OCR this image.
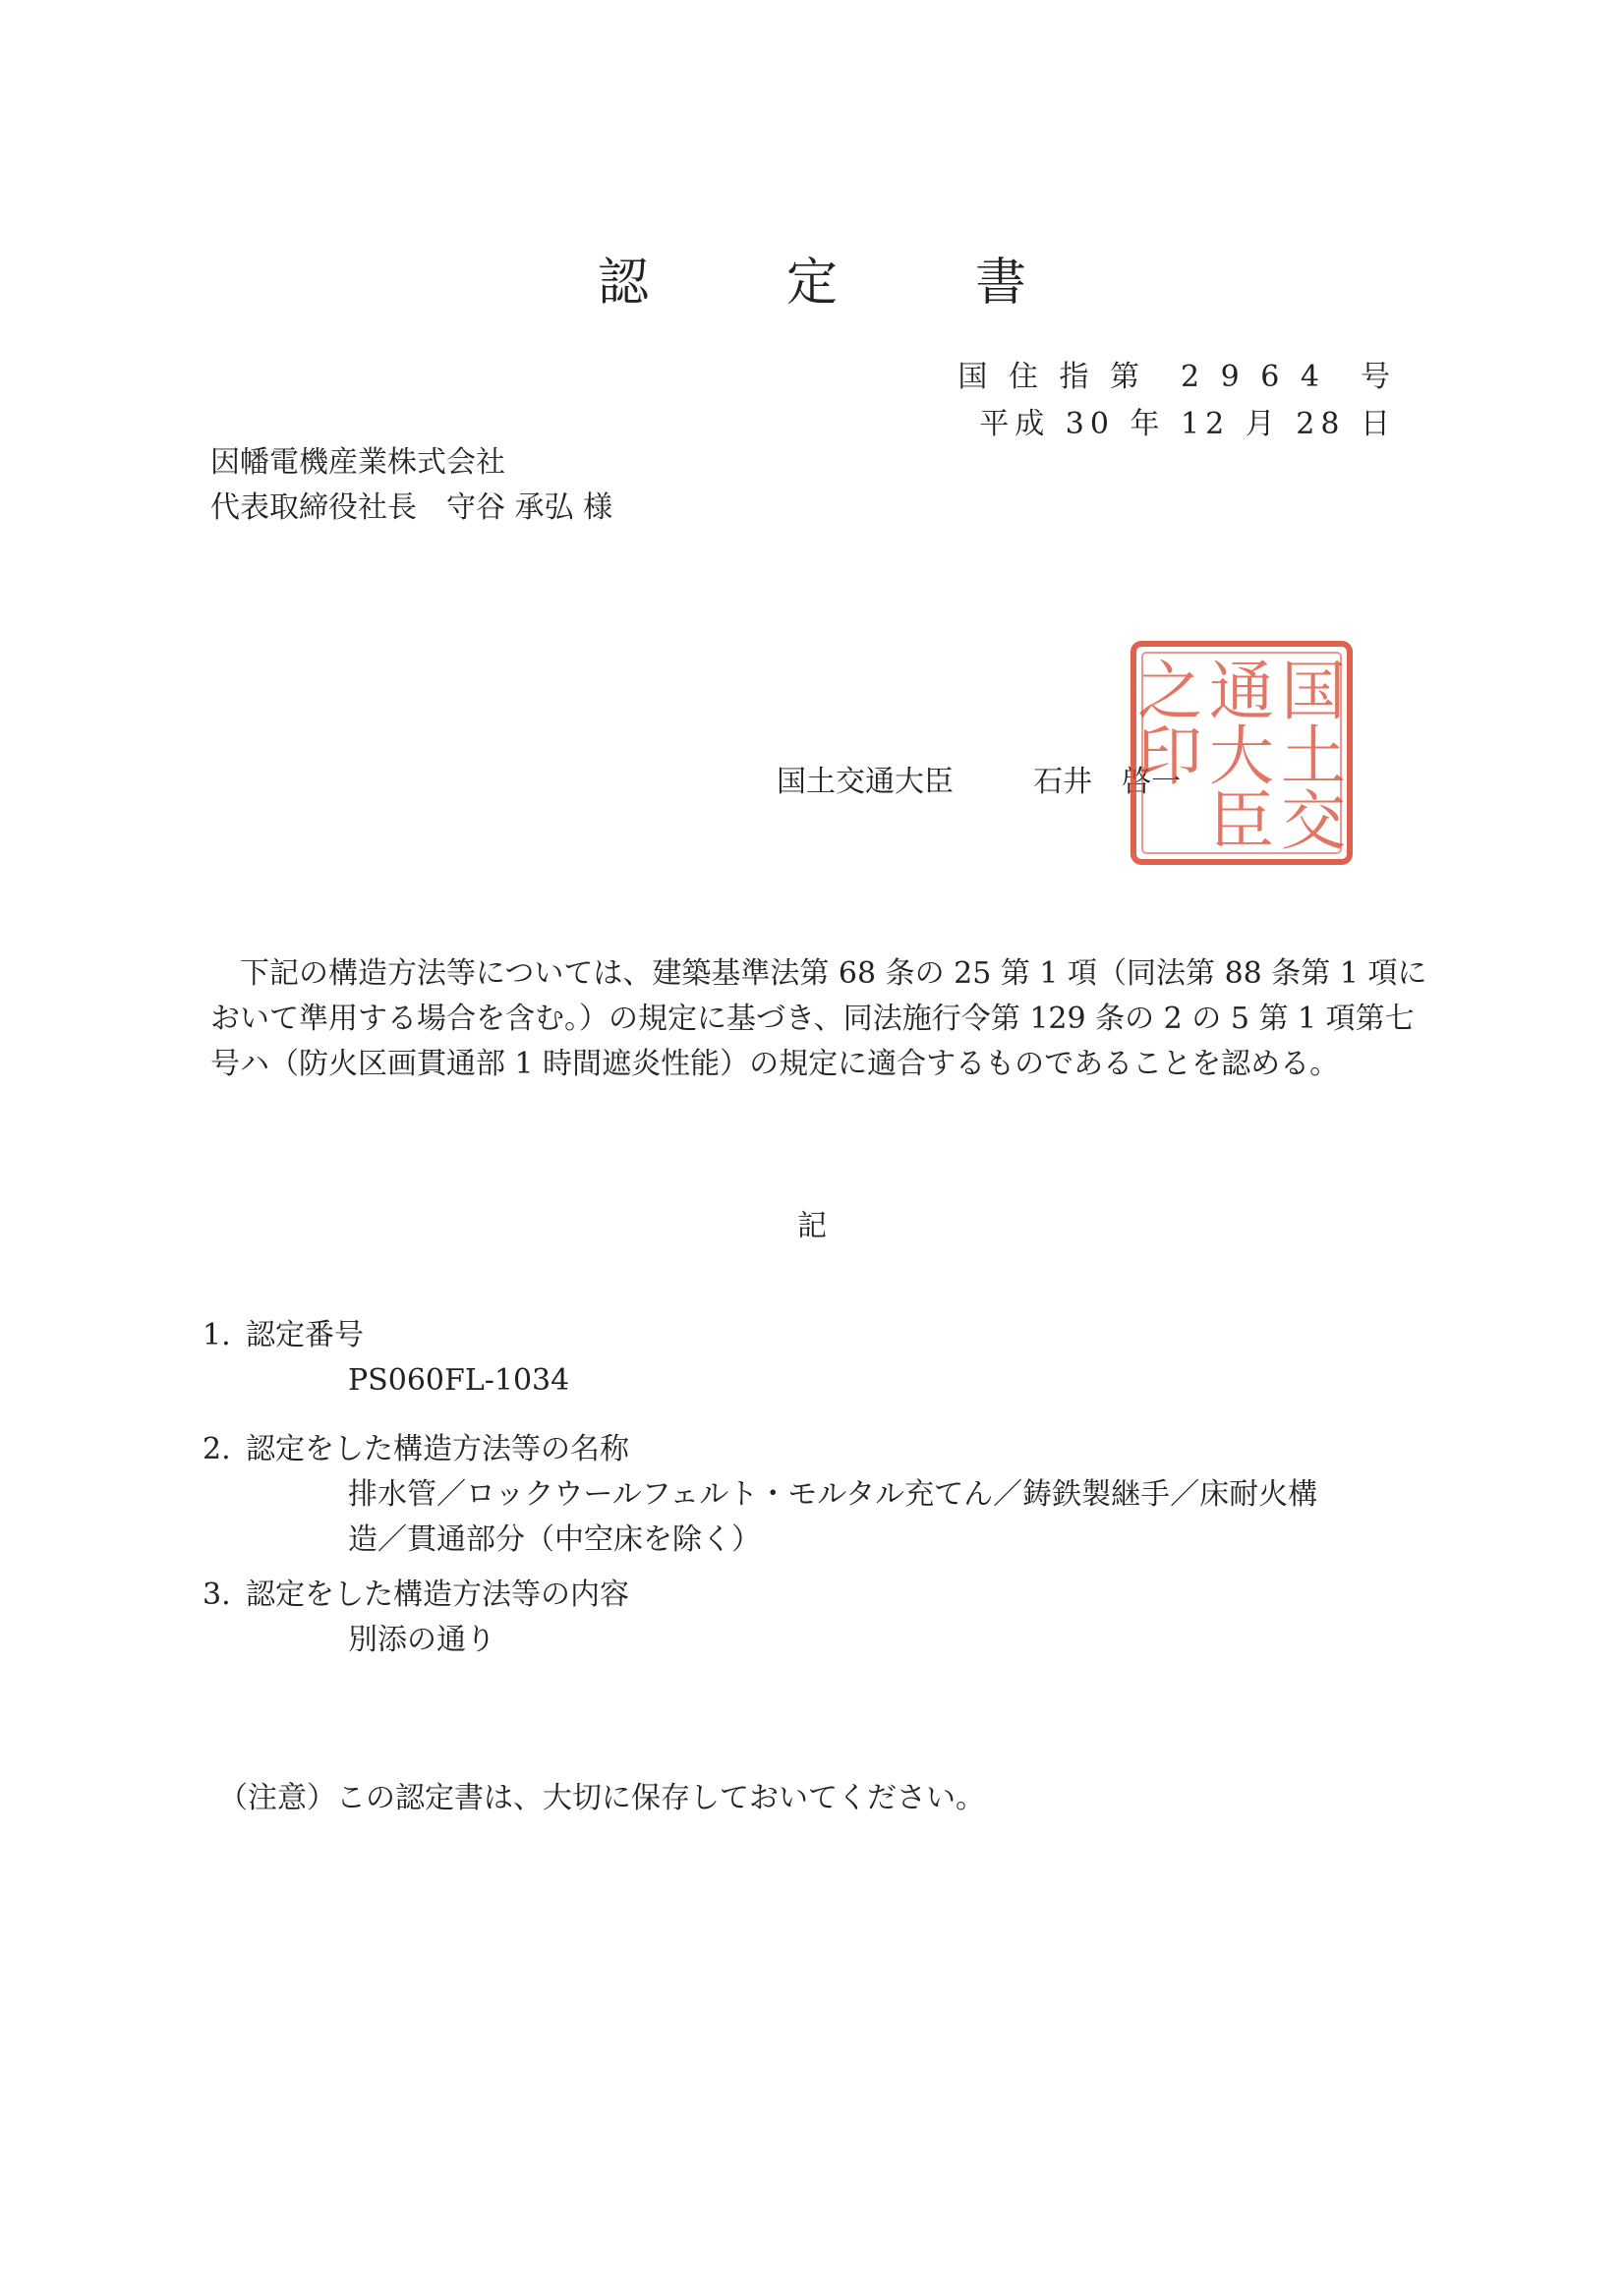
認　定　書
国 住 指 第　2 9 6 4　号
平成 30 年 12 月 28 日
因幡電機産業株式会社
代表取締役社長　守谷 承弘 様
国土交通大臣	石井　啓一
国
土
交
通
大
臣
之
印
下記の構造方法等については、建築基準法第 68 条の 25 第 1 項（同法第 88 条第 1 項において準用する場合を含む。）の規定に基づき、同法施行令第 129 条の 2 の 5 第 1 項第七号ハ（防火区画貫通部 1 時間遮炎性能）の規定に適合するものであることを認める。
記
1. 認定番号
PS060FL-1034
2. 認定をした構造方法等の名称
排水管／ロックウールフェルト・モルタル充てん／鋳鉄製継手／床耐火構造／貫通部分（中空床を除く）
3. 認定をした構造方法等の内容
別添の通り
（注意）この認定書は、大切に保存しておいてください。
